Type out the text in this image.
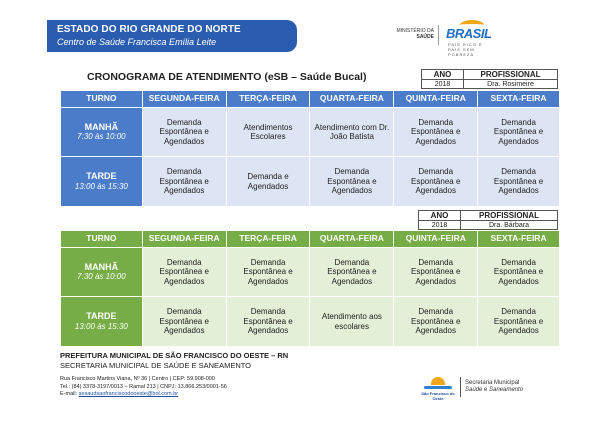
ESTADO DO RIO GRANDE DO NORTE
Centro de Saúde Francisca Emília Leite
MINISTÉRIO DA
SAÚDE BRASIL
PAÍS RICO É PAÍS SEM POBREZA
CRONOGRAMA DE ATENDIMENTO (eSB – Saúde Bucal)	ANO	PROFISSIONAL
2018	Dra. Rosimeire
TURNO	SEGUNDA-FEIRA	TERÇA-FEIRA	QUARTA-FEIRA	QUINTA-FEIRA	SEXTA-FEIRA

MANHÃ
7:30 às 10:00	Demanda Espontânea e Agendados	Atendimentos Escolares	Atendimento com Dr. João Batista	Demanda Espontânea e Agendados	Demanda Espontânea e Agendados

TARDE
13:00 às 15:30	Demanda Espontânea e Agendados	Demanda e Agendados	Demanda Espontânea e Agendados	Demanda Espontânea e Agendados	Demanda Espontânea e Agendados
ANO	PROFISSIONAL
2018	Dra. Bárbara
TURNO	SEGUNDA-FEIRA	TERÇA-FEIRA	QUARTA-FEIRA	QUINTA-FEIRA	SEXTA-FEIRA

MANHÃ
7:30 às 10:00	Demanda Espontânea e Agendados	Demanda Espontânea e Agendados	Demanda Espontânea e Agendados	Demanda Espontânea e Agendados	Demanda Espontânea e Agendados

TARDE
13:00 às 15:30	Demanda Espontânea e Agendados	Demanda Espontânea e Agendados	Atendimento aos escolares	Demanda Espontânea e Agendados	Demanda Espontânea e Agendados
PREFEITURA MUNICIPAL DE SÃO FRANCISCO DO OESTE – RN
SECRETARIA MUNICIPAL DE SAÚDE E SANEAMENTO
Rua Francisco Martins Viana, Nº 36 | Centro | CEP: 59.908-000
Tel.: (84) 3378-3197/0013 – Ramal 213 | CNPJ: 13.866.253/0001-56
E-mail: sesaudsaofranciscodooeste@bol.com.br	São Francisco do Oeste
Secretaria Municipal
Saúde e Saneamento
